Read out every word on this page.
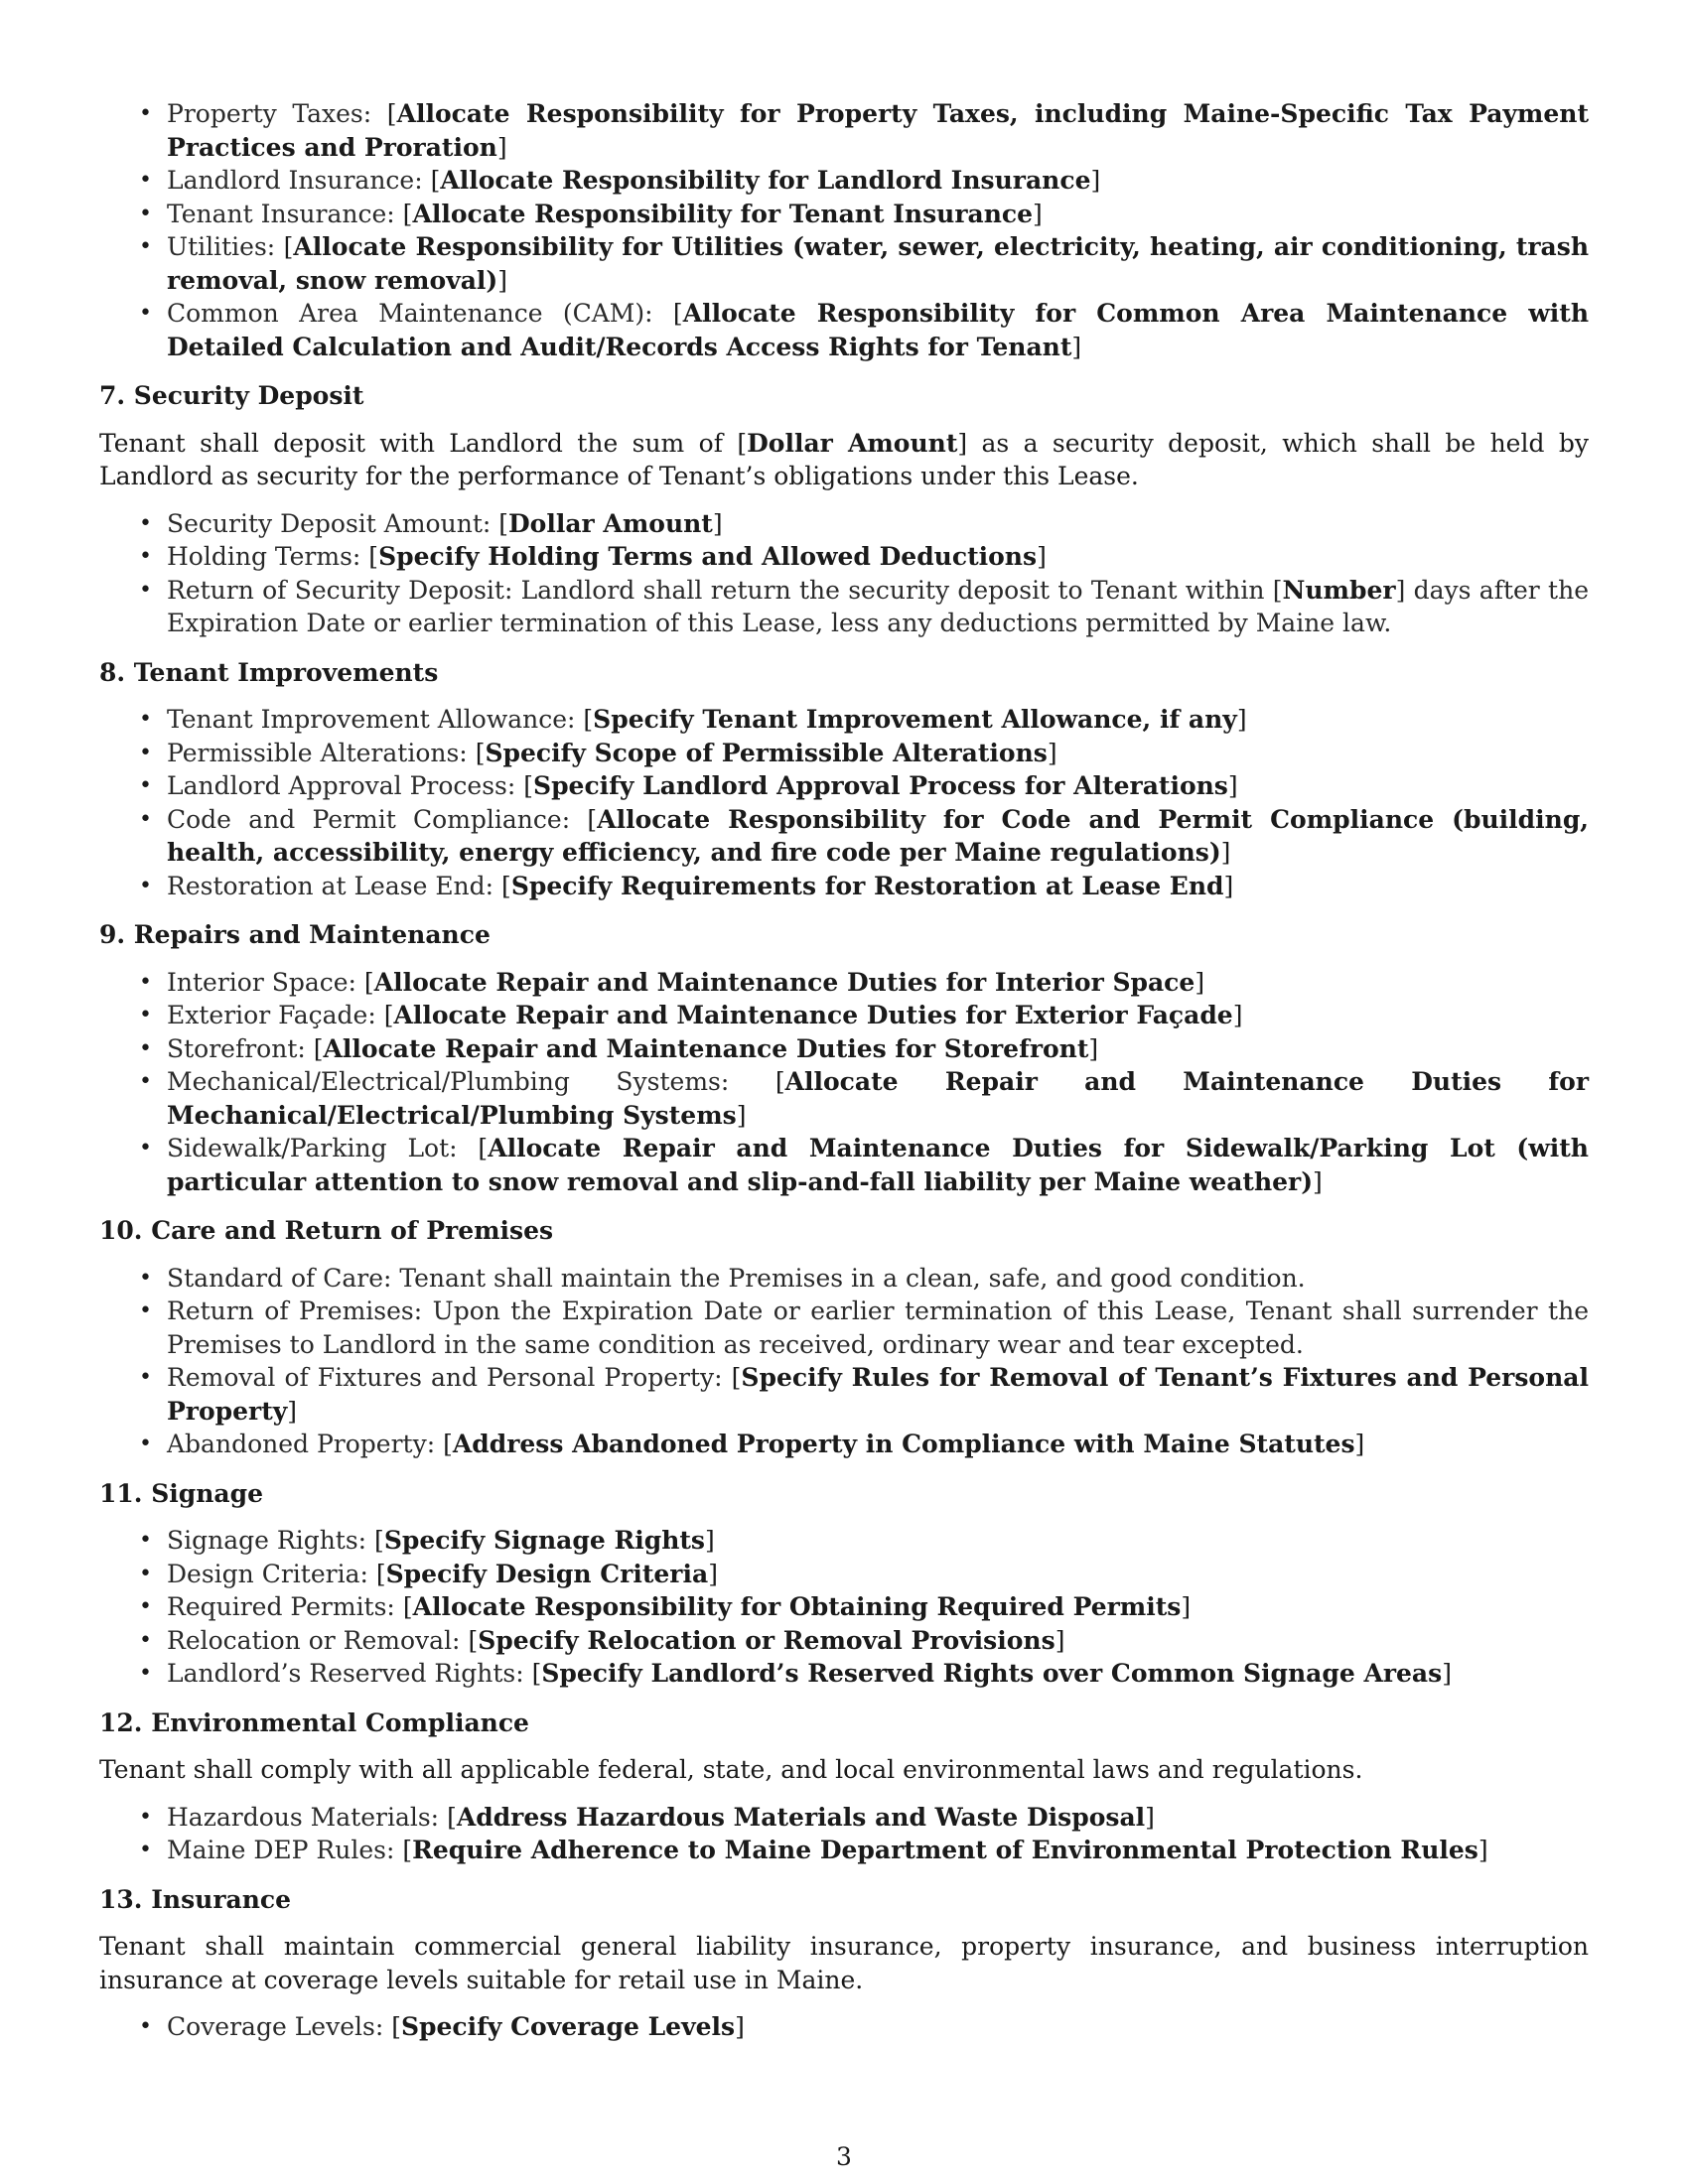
• Property Taxes: [Allocate Responsibility for Property Taxes, including Maine-Specific Tax Payment Practices and Proration]
• Landlord Insurance: [Allocate Responsibility for Landlord Insurance]
• Tenant Insurance: [Allocate Responsibility for Tenant Insurance]
• Utilities: [Allocate Responsibility for Utilities (water, sewer, electricity, heating, air conditioning, trash removal, snow removal)]
• Common Area Maintenance (CAM): [Allocate Responsibility for Common Area Maintenance with Detailed Calculation and Audit/Records Access Rights for Tenant]
7. Security Deposit
Tenant shall deposit with Landlord the sum of [Dollar Amount] as a security deposit, which shall be held by Landlord as security for the performance of Tenant’s obligations under this Lease.
• Security Deposit Amount: [Dollar Amount]
• Holding Terms: [Specify Holding Terms and Allowed Deductions]
• Return of Security Deposit: Landlord shall return the security deposit to Tenant within [Number] days after the Expiration Date or earlier termination of this Lease, less any deductions permitted by Maine law.
8. Tenant Improvements
• Tenant Improvement Allowance: [Specify Tenant Improvement Allowance, if any]
• Permissible Alterations: [Specify Scope of Permissible Alterations]
• Landlord Approval Process: [Specify Landlord Approval Process for Alterations]
• Code and Permit Compliance: [Allocate Responsibility for Code and Permit Compliance (building, health, accessibility, energy efficiency, and fire code per Maine regulations)]
• Restoration at Lease End: [Specify Requirements for Restoration at Lease End]
9. Repairs and Maintenance
• Interior Space: [Allocate Repair and Maintenance Duties for Interior Space]
• Exterior Façade: [Allocate Repair and Maintenance Duties for Exterior Façade]
• Storefront: [Allocate Repair and Maintenance Duties for Storefront]
• Mechanical/Electrical/Plumbing Systems: [Allocate Repair and Maintenance Duties for Mechanical/Electrical/Plumbing Systems]
• Sidewalk/Parking Lot: [Allocate Repair and Maintenance Duties for Sidewalk/Parking Lot (with particular attention to snow removal and slip-and-fall liability per Maine weather)]
10. Care and Return of Premises
• Standard of Care: Tenant shall maintain the Premises in a clean, safe, and good condition.
• Return of Premises: Upon the Expiration Date or earlier termination of this Lease, Tenant shall surrender the Premises to Landlord in the same condition as received, ordinary wear and tear excepted.
• Removal of Fixtures and Personal Property: [Specify Rules for Removal of Tenant’s Fixtures and Personal Property]
• Abandoned Property: [Address Abandoned Property in Compliance with Maine Statutes]
11. Signage
• Signage Rights: [Specify Signage Rights]
• Design Criteria: [Specify Design Criteria]
• Required Permits: [Allocate Responsibility for Obtaining Required Permits]
• Relocation or Removal: [Specify Relocation or Removal Provisions]
• Landlord’s Reserved Rights: [Specify Landlord’s Reserved Rights over Common Signage Areas]
12. Environmental Compliance
Tenant shall comply with all applicable federal, state, and local environmental laws and regulations.
• Hazardous Materials: [Address Hazardous Materials and Waste Disposal]
• Maine DEP Rules: [Require Adherence to Maine Department of Environmental Protection Rules]
13. Insurance
Tenant shall maintain commercial general liability insurance, property insurance, and business interruption insurance at coverage levels suitable for retail use in Maine.
• Coverage Levels: [Specify Coverage Levels]
3
